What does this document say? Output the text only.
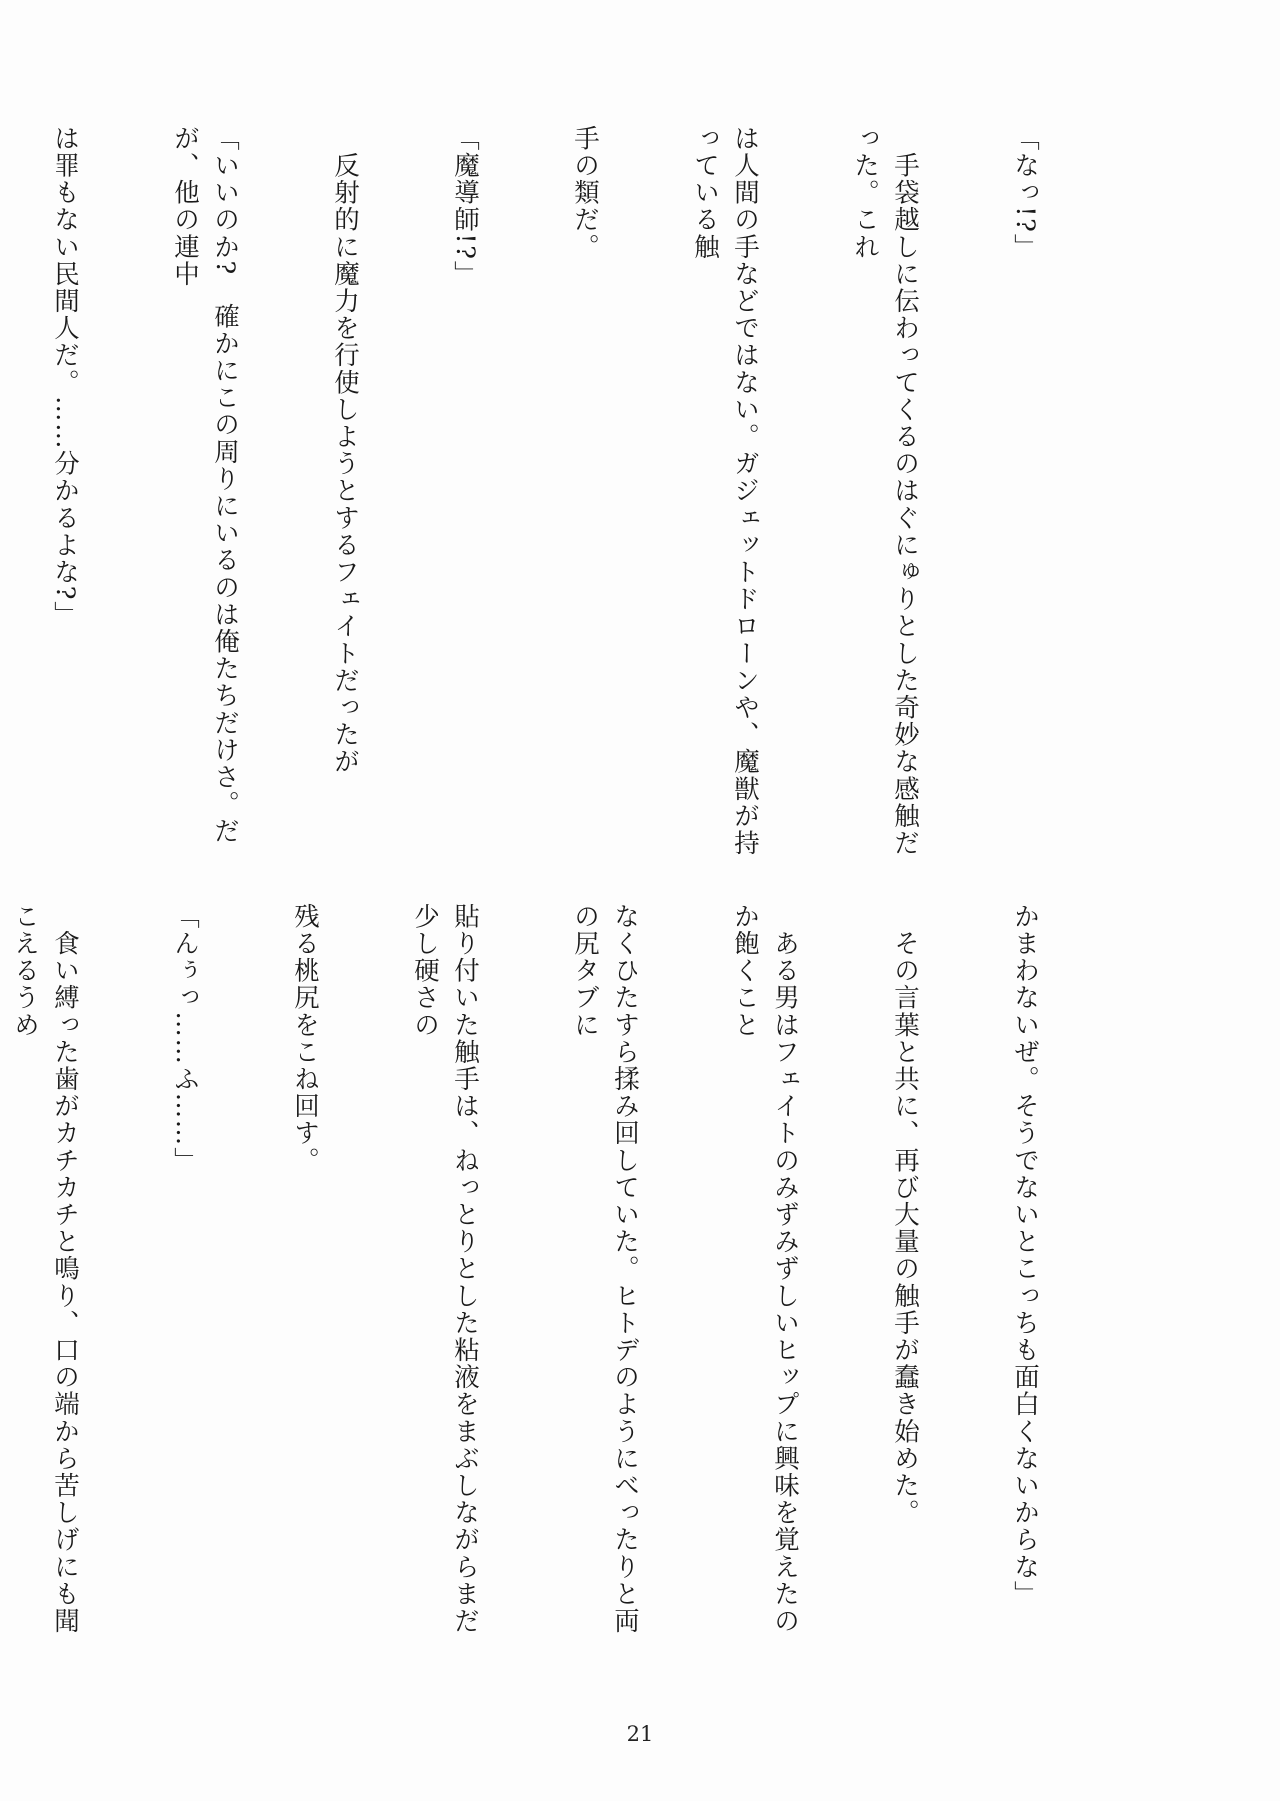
「なっ!?」

　手袋越しに伝わってくるのはぐにゅりとした奇妙な感触だった。これ

は人間の手などではない。ガジェットドローンや、魔獣が持っている触

手の類だ。

「魔導師!?」

　反射的に魔力を行使しようとするフェイトだったが

「いいのか?　確かにこの周りにいるのは俺たちだけさ。だが、他の連中

は罪もない民間人だ。……分かるよな?」

かまわないぜ。そうでないとこっちも面白くないからな」

　その言葉と共に、再び大量の触手が蠢き始めた。

　ある男はフェイトのみずみずしいヒップに興味を覚えたのか飽くこと

なくひたすら揉み回していた。ヒトデのようにべったりと両の尻タブに

貼り付いた触手は、ねっとりとした粘液をまぶしながらまだ少し硬さの

残る桃尻をこね回す。

「んぅっ……ふ……」

　食い縛った歯がカチカチと鳴り、口の端から苦しげにも聞こえるうめ

21
